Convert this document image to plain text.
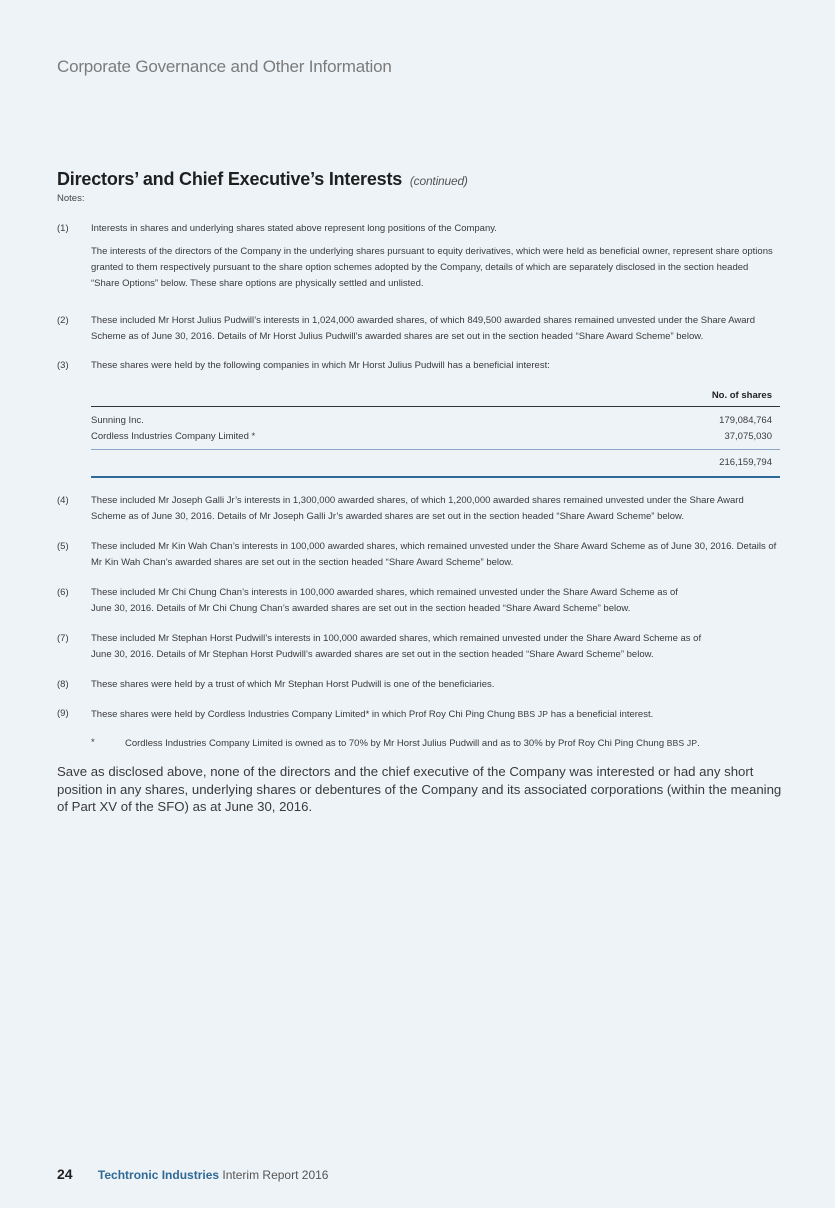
Corporate Governance and Other Information
Directors’ and Chief Executive’s Interests (continued)
Notes:
(1) Interests in shares and underlying shares stated above represent long positions of the Company.

The interests of the directors of the Company in the underlying shares pursuant to equity derivatives, which were held as beneficial owner, represent share options granted to them respectively pursuant to the share option schemes adopted by the Company, details of which are separately disclosed in the section headed “Share Options” below. These share options are physically settled and unlisted.

(2) These included Mr Horst Julius Pudwill’s interests in 1,024,000 awarded shares, of which 849,500 awarded shares remained unvested under the Share Award Scheme as of June 30, 2016. Details of Mr Horst Julius Pudwill’s awarded shares are set out in the section headed “Share Award Scheme” below.
(3) These shares were held by the following companies in which Mr Horst Julius Pudwill has a beneficial interest:
No. of shares
Sunning Inc.	179,084,764
Cordless Industries Company Limited *	37,075,030
216,159,794
(4) These included Mr Joseph Galli Jr’s interests in 1,300,000 awarded shares, of which 1,200,000 awarded shares remained unvested under the Share Award Scheme as of June 30, 2016. Details of Mr Joseph Galli Jr’s awarded shares are set out in the section headed “Share Award Scheme” below.
(5) These included Mr Kin Wah Chan’s interests in 100,000 awarded shares, which remained unvested under the Share Award Scheme as of June 30, 2016. Details of Mr Kin Wah Chan’s awarded shares are set out in the section headed “Share Award Scheme” below.
(6) These included Mr Chi Chung Chan’s interests in 100,000 awarded shares, which remained unvested under the Share Award Scheme as of
June 30, 2016. Details of Mr Chi Chung Chan’s awarded shares are set out in the section headed “Share Award Scheme” below.
(7) These included Mr Stephan Horst Pudwill’s interests in 100,000 awarded shares, which remained unvested under the Share Award Scheme as of
June 30, 2016. Details of Mr Stephan Horst Pudwill’s awarded shares are set out in the section headed “Share Award Scheme” below.
(8) These shares were held by a trust of which Mr Stephan Horst Pudwill is one of the beneficiaries.
(9) These shares were held by Cordless Industries Company Limited* in which Prof Roy Chi Ping Chung BBS JP has a beneficial interest.
*	Cordless Industries Company Limited is owned as to 70% by Mr Horst Julius Pudwill and as to 30% by Prof Roy Chi Ping Chung BBS JP.
Save as disclosed above, none of the directors and the chief executive of the Company was interested or had any short position in any shares, underlying shares or debentures of the Company and its associated corporations (within the meaning of Part XV of the SFO) as at June 30, 2016.
24 Techtronic Industries Interim Report 2016
